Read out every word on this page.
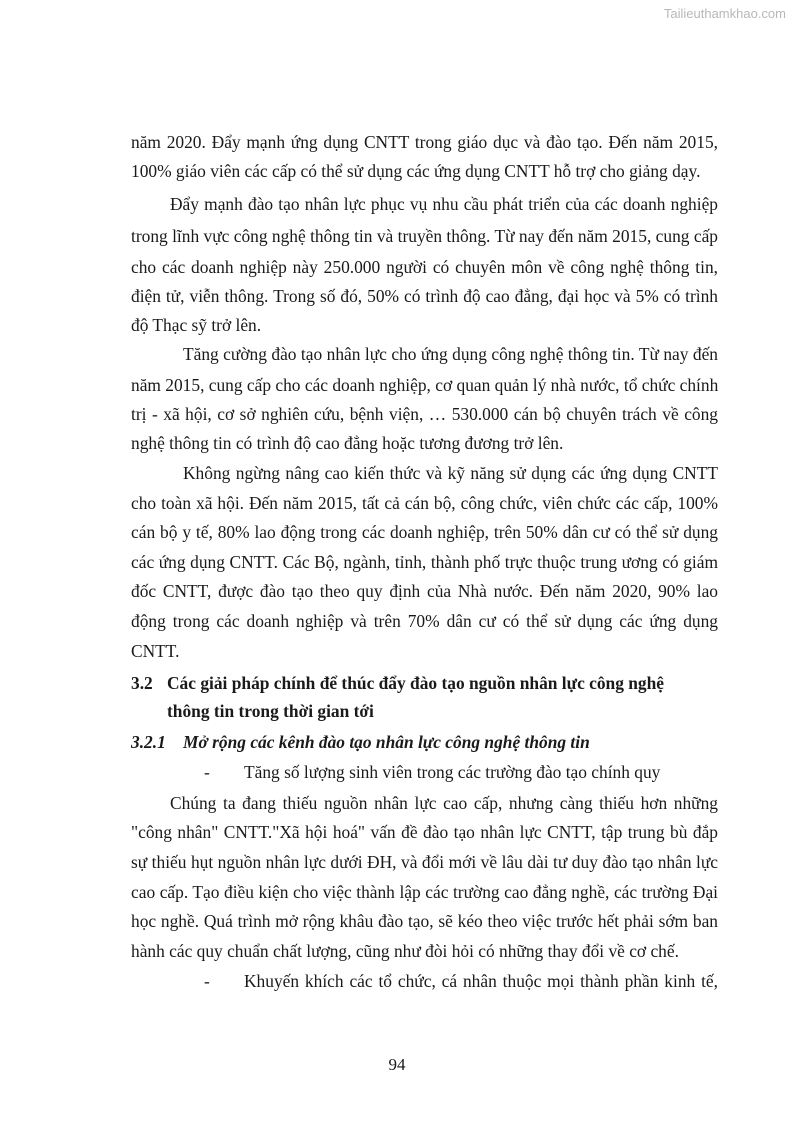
Tailieuthamkhao.com
năm 2020. Đẩy mạnh ứng dụng CNTT trong giáo dục và đào tạo. Đến năm 2015,
100% giáo viên các cấp có thể sử dụng các ứng dụng CNTT hỗ trợ cho giảng dạy.
Đẩy mạnh đào tạo nhân lực phục vụ nhu cầu phát triển của các doanh nghiệp
trong lĩnh vực công nghệ thông tin và truyền thông. Từ nay đến năm 2015, cung cấp
cho các doanh nghiệp này 250.000 người có chuyên môn về công nghệ thông tin,
điện tử, viễn thông. Trong số đó, 50% có trình độ cao đẳng, đại học và 5% có trình
độ Thạc sỹ trở lên.
Tăng cường đào tạo nhân lực cho ứng dụng công nghệ thông tin. Từ nay đến
năm 2015, cung cấp cho các doanh nghiệp, cơ quan quản lý nhà nước, tổ chức chính
trị - xã hội, cơ sở nghiên cứu, bệnh viện, … 530.000 cán bộ chuyên trách về công
nghệ thông tin có trình độ cao đẳng hoặc tương đương trở lên.
Không ngừng nâng cao kiến thức và kỹ năng sử dụng các ứng dụng CNTT
cho toàn xã hội. Đến năm 2015, tất cả cán bộ, công chức, viên chức các cấp, 100%
cán bộ y tế, 80% lao động trong các doanh nghiệp, trên 50% dân cư có thể sử dụng
các ứng dụng CNTT. Các Bộ, ngành, tỉnh, thành phố trực thuộc trung ương có giám
đốc CNTT, được đào tạo theo quy định của Nhà nước. Đến năm 2020, 90% lao
động trong các doanh nghiệp và trên 70% dân cư có thể sử dụng các ứng dụng
CNTT.
3.2 Các giải pháp chính để thúc đẩy đào tạo nguồn nhân lực công nghệ
thông tin trong thời gian tới
3.2.1 Mở rộng các kênh đào tạo nhân lực công nghệ thông tin
-	Tăng số lượng sinh viên trong các trường đào tạo chính quy
Chúng ta đang thiếu nguồn nhân lực cao cấp, nhưng càng thiếu hơn những
"công nhân" CNTT."Xã hội hoá" vấn đề đào tạo nhân lực CNTT, tập trung bù đắp
sự thiếu hụt nguồn nhân lực dưới ĐH, và đổi mới về lâu dài tư duy đào tạo nhân lực
cao cấp. Tạo điều kiện cho việc thành lập các trường cao đẳng nghề, các trường Đại
học nghề. Quá trình mở rộng khâu đào tạo, sẽ kéo theo việc trước hết phải sớm ban
hành các quy chuẩn chất lượng, cũng như đòi hỏi có những thay đổi về cơ chế.
-	Khuyến khích các tổ chức, cá nhân thuộc mọi thành phần kinh tế,
94
